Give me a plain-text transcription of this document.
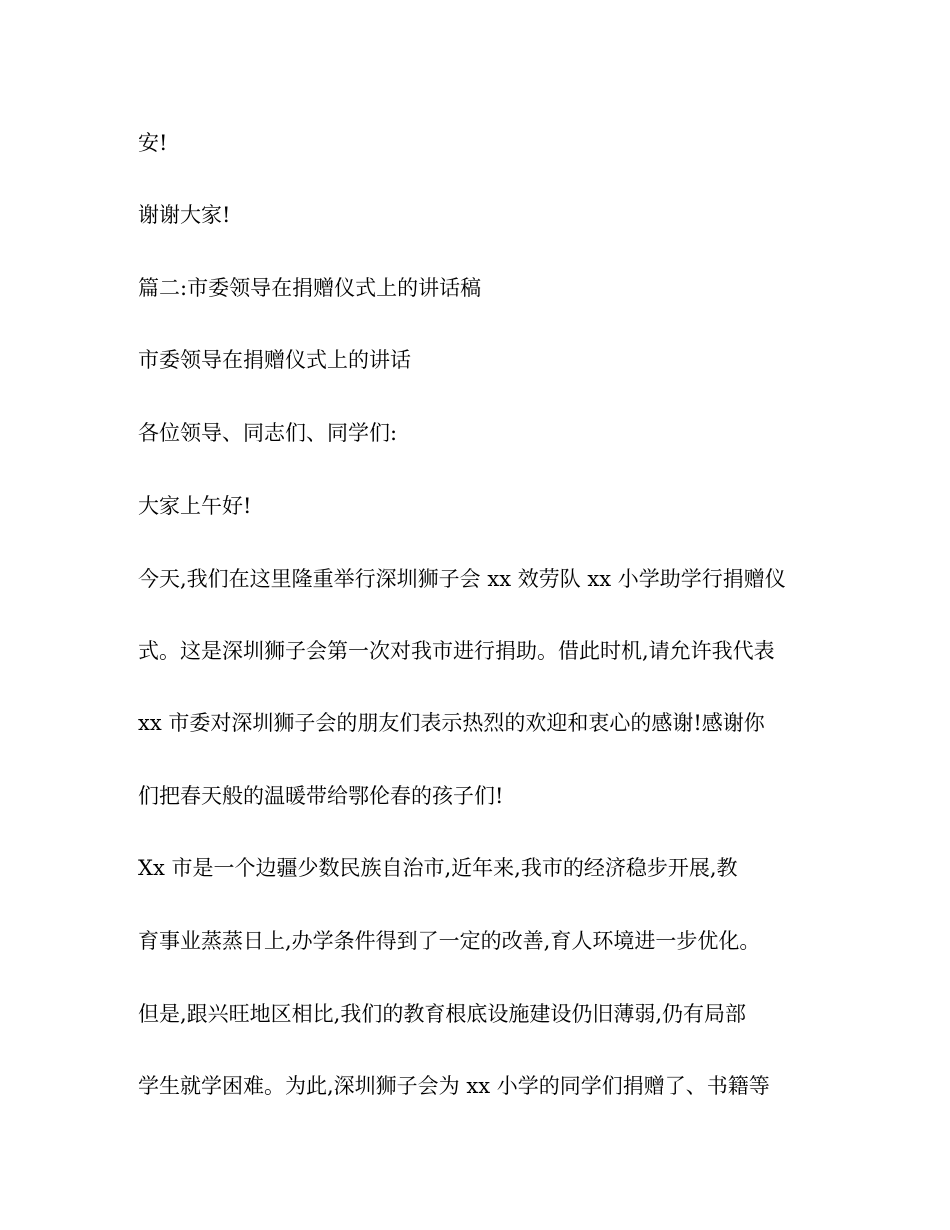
安!
谢谢大家!
篇二:市委领导在捐赠仪式上的讲话稿
市委领导在捐赠仪式上的讲话
各位领导、同志们、同学们:
大家上午好!
今天,我们在这里隆重举行深圳狮子会 xx 效劳队 xx 小学助学行捐赠仪
式。这是深圳狮子会第一次对我市进行捐助。借此时机,请允许我代表
xx 市委对深圳狮子会的朋友们表示热烈的欢迎和衷心的感谢!感谢你
们把春天般的温暖带给鄂伦春的孩子们!
Xx 市是一个边疆少数民族自治市,近年来,我市的经济稳步开展,教
育事业蒸蒸日上,办学条件得到了一定的改善,育人环境进一步优化。
但是,跟兴旺地区相比,我们的教育根底设施建设仍旧薄弱,仍有局部
学生就学困难。为此,深圳狮子会为 xx 小学的同学们捐赠了、书籍等
